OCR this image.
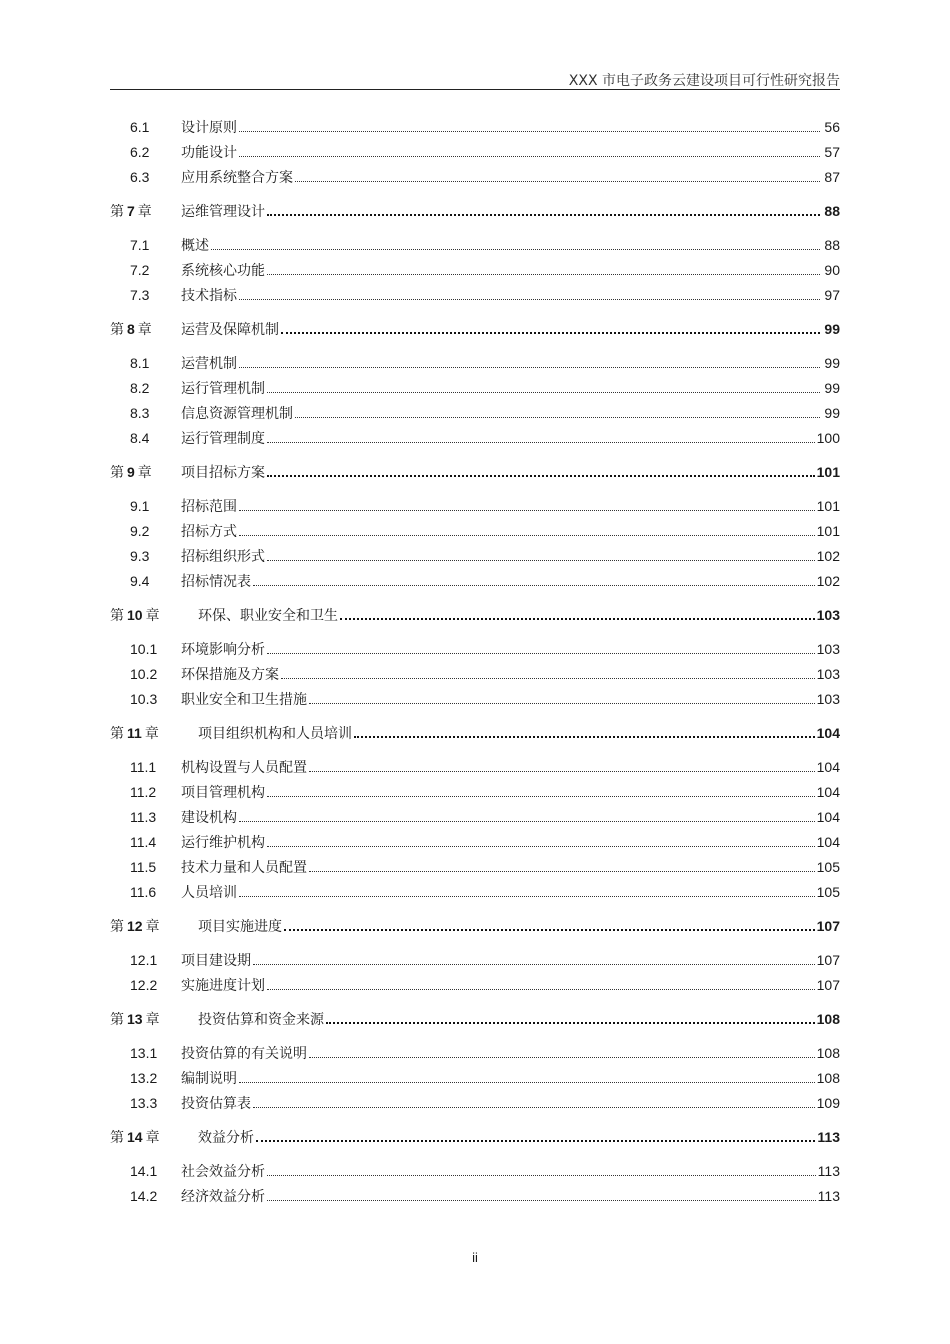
XXX 市电子政务云建设项目可行性研究报告
6.1	设计原则	56
6.2	功能设计	57
6.3	应用系统整合方案	87
第 7 章	运维管理设计	88
7.1	概述	88
7.2	系统核心功能	90
7.3	技术指标	97
第 8 章	运营及保障机制	99
8.1	运营机制	99
8.2	运行管理机制	99
8.3	信息资源管理机制	99
8.4	运行管理制度	100
第 9 章	项目招标方案	101
9.1	招标范围	101
9.2	招标方式	101
9.3	招标组织形式	102
9.4	招标情况表	102
第 10 章	环保、职业安全和卫生	103
10.1	环境影响分析	103
10.2	环保措施及方案	103
10.3	职业安全和卫生措施	103
第 11 章	项目组织机构和人员培训	104
11.1	机构设置与人员配置	104
11.2	项目管理机构	104
11.3	建设机构	104
11.4	运行维护机构	104
11.5	技术力量和人员配置	105
11.6	人员培训	105
第 12 章	项目实施进度	107
12.1	项目建设期	107
12.2	实施进度计划	107
第 13 章	投资估算和资金来源	108
13.1	投资估算的有关说明	108
13.2	编制说明	108
13.3	投资估算表	109
第 14 章	效益分析	113
14.1	社会效益分析	113
14.2	经济效益分析	113
ii
